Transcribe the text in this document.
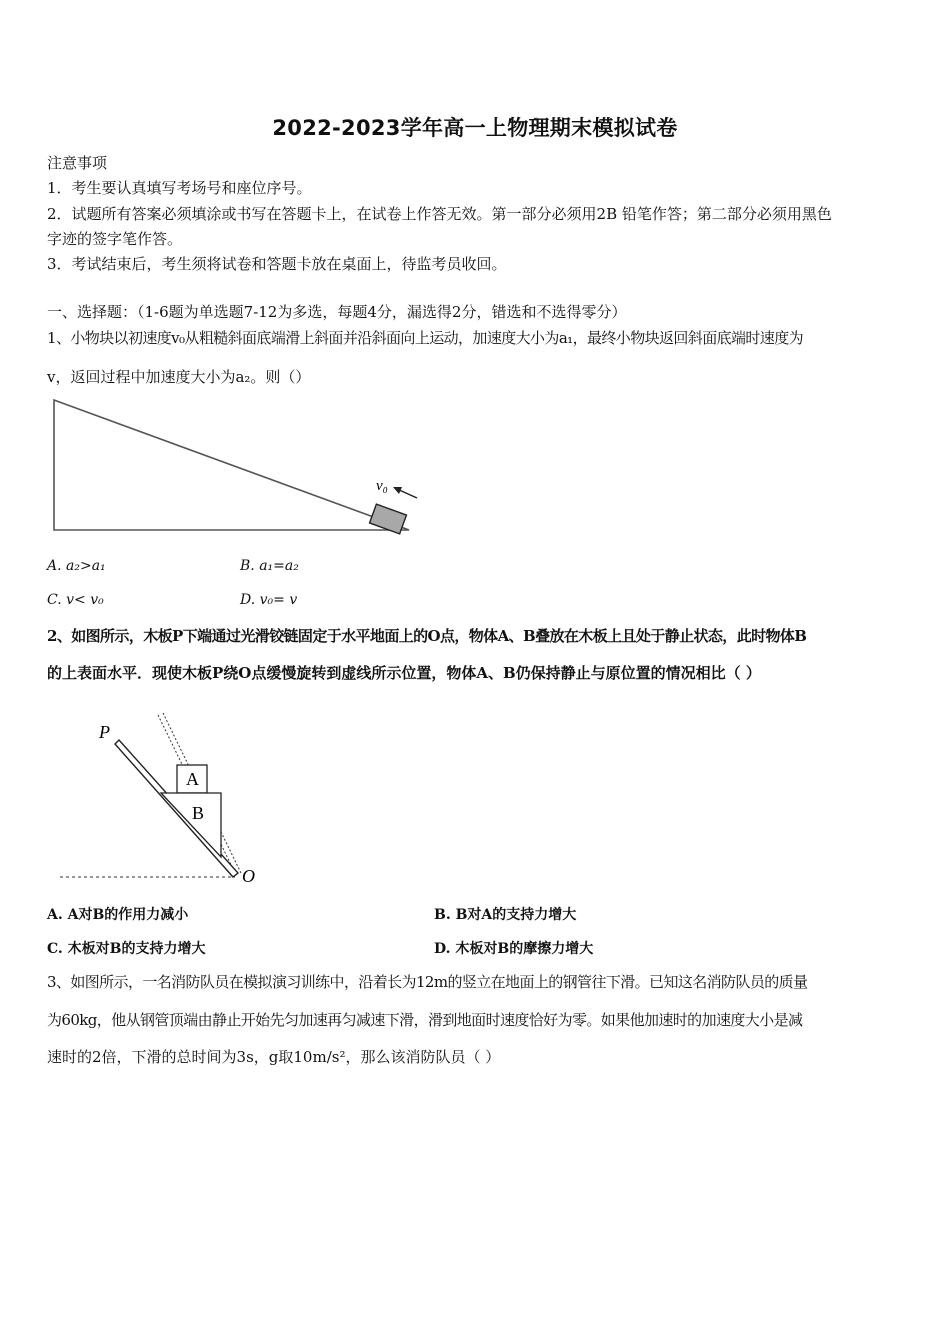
2022-2023学年高一上物理期末模拟试卷
注意事项
1．考生要认真填写考场号和座位序号。
2．试题所有答案必须填涂或书写在答题卡上，在试卷上作答无效。第一部分必须用2B 铅笔作答；第二部分必须用黑色
字迹的签字笔作答。
3．考试结束后，考生须将试卷和答题卡放在桌面上，待监考员收回。
一、选择题：（1-6题为单选题7-12为多选，每题4分，漏选得2分，错选和不选得零分）
1、小物块以初速度v₀从粗糙斜面底端滑上斜面并沿斜面向上运动，加速度大小为a₁，最终小物块返回斜面底端时速度为
v，返回过程中加速度大小为a₂。则（）
v₀
A. a₂>a₁	B. a₁=a₂
C. v< v₀	D. v₀= v
2、如图所示，木板P下端通过光滑铰链固定于水平地面上的O点，物体A、B叠放在木板上且处于静止状态，此时物体B
的上表面水平．现使木板P绕O点缓慢旋转到虚线所示位置，物体A、B仍保持静止与原位置的情况相比（ ）
P
A
B
O
A. A对B的作用力减小	B. B对A的支持力增大
C. 木板对B的支持力增大	D. 木板对B的摩擦力增大
3、如图所示，一名消防队员在模拟演习训练中，沿着长为12m的竖立在地面上的钢管往下滑。已知这名消防队员的质量
为60kg，他从钢管顶端由静止开始先匀加速再匀减速下滑，滑到地面时速度恰好为零。如果他加速时的加速度大小是减
速时的2倍，下滑的总时间为3s，g取10m/s²，那么该消防队员（ ）
